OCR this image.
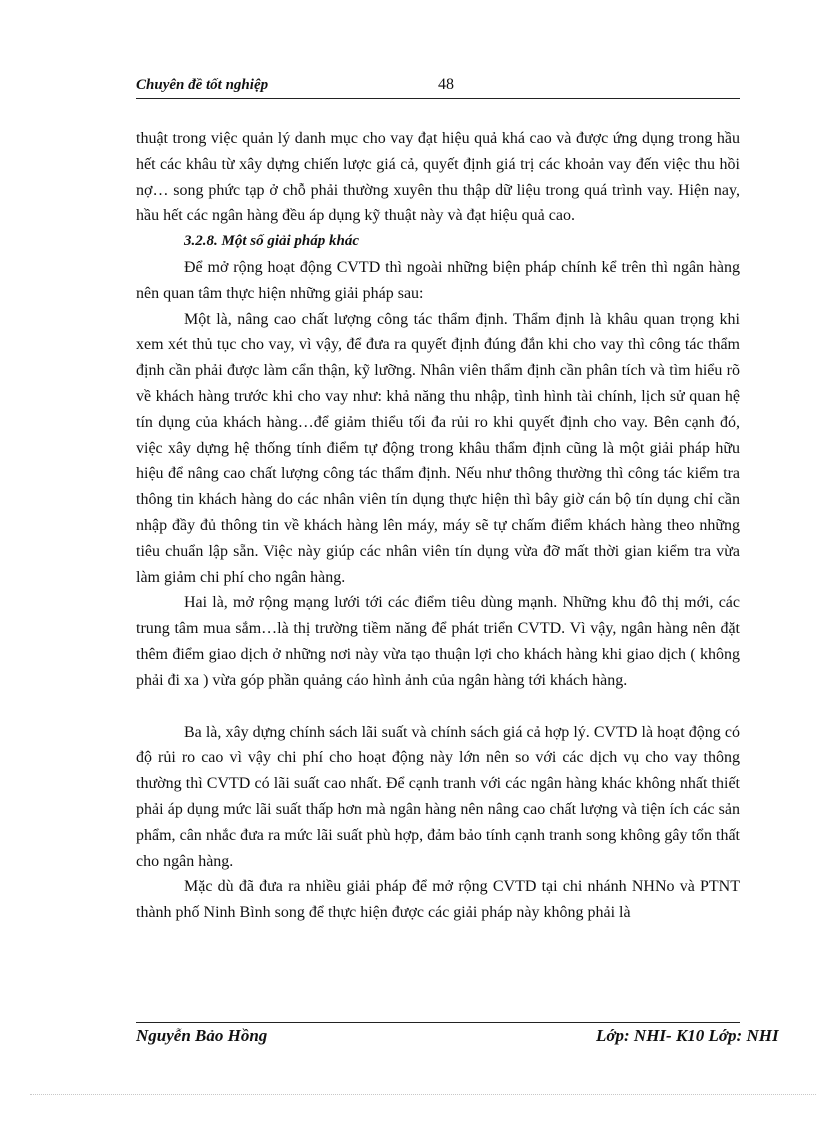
Chuyên đề tốt nghiệp	48

thuật trong việc quản lý danh mục cho vay đạt hiệu quả khá cao và được ứng dụng trong hầu hết các khâu từ xây dựng chiến lược giá cả, quyết định giá trị các khoản vay đến việc thu hồi nợ… song phức tạp ở chỗ phải thường xuyên thu thập dữ liệu trong quá trình vay. Hiện nay, hầu hết các ngân hàng đều áp dụng kỹ thuật này và đạt hiệu quả cao.

3.2.8. Một số giải pháp khác

Để mở rộng hoạt động CVTD thì ngoài những biện pháp chính kể trên thì ngân hàng nên quan tâm thực hiện những giải pháp sau:

Một là, nâng cao chất lượng công tác thẩm định. Thẩm định là khâu quan trọng khi xem xét thủ tục cho vay, vì vậy, để đưa ra quyết định đúng đắn khi cho vay thì công tác thẩm định cần phải được làm cẩn thận, kỹ lưỡng. Nhân viên thẩm định cần phân tích và tìm hiểu rõ về khách hàng trước khi cho vay như: khả năng thu nhập, tình hình tài chính, lịch sử quan hệ tín dụng của khách hàng…để giảm thiểu tối đa rủi ro khi quyết định cho vay. Bên cạnh đó, việc xây dựng hệ thống tính điểm tự động trong khâu thẩm định cũng là một giải pháp hữu hiệu để nâng cao chất lượng công tác thẩm định. Nếu như thông thường thì công tác kiểm tra thông tin khách hàng do các nhân viên tín dụng thực hiện thì bây giờ cán bộ tín dụng chỉ cần nhập đầy đủ thông tin về khách hàng lên máy, máy sẽ tự chấm điểm khách hàng theo những tiêu chuẩn lập sẵn. Việc này giúp các nhân viên tín dụng vừa đỡ mất thời gian kiểm tra vừa làm giảm chi phí cho ngân hàng.

Hai là, mở rộng mạng lưới tới các điểm tiêu dùng mạnh. Những khu đô thị mới, các trung tâm mua sắm…là thị trường tiềm năng để phát triển CVTD. Vì vậy, ngân hàng nên đặt thêm điểm giao dịch ở những nơi này vừa tạo thuận lợi cho khách hàng khi giao dịch ( không phải đi xa ) vừa góp phần quảng cáo hình ảnh của ngân hàng tới khách hàng.

Ba là, xây dựng chính sách lãi suất và chính sách giá cả hợp lý. CVTD là hoạt động có độ rủi ro cao vì vậy chi phí cho hoạt động này lớn nên so với các dịch vụ cho vay thông thường thì CVTD có lãi suất cao nhất. Để cạnh tranh với các ngân hàng khác không nhất thiết phải áp dụng mức lãi suất thấp hơn mà ngân hàng nên nâng cao chất lượng và tiện ích các sản phẩm, cân nhắc đưa ra mức lãi suất phù hợp, đảm bảo tính cạnh tranh song không gây tổn thất cho ngân hàng.

Mặc dù đã đưa ra nhiều giải pháp để mở rộng CVTD tại chi nhánh NHNo và PTNT thành phố Ninh Bình song để thực hiện được các giải pháp này không phải là

Nguyễn Bảo Hồng	Lớp: NHI- K10 Lớp: NHI
